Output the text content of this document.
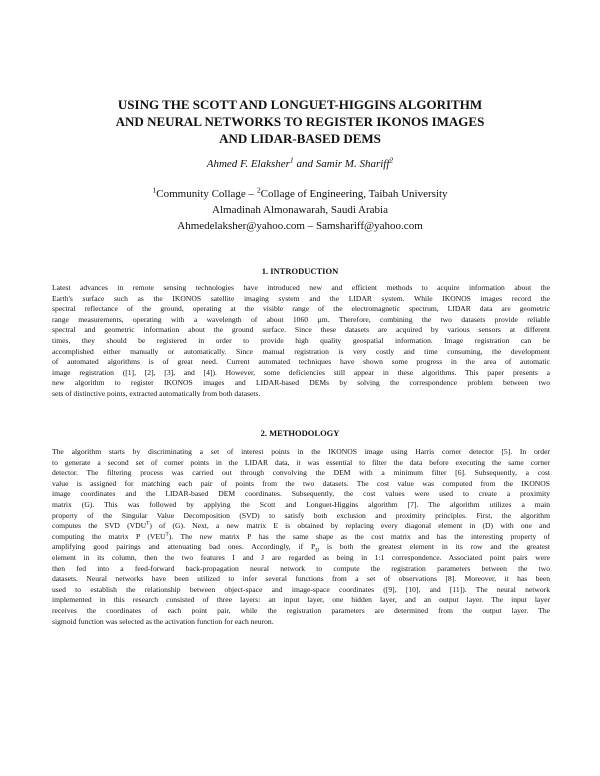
USING THE SCOTT AND LONGUET-HIGGINS ALGORITHM
AND NEURAL NETWORKS TO REGISTER IKONOS IMAGES
AND LIDAR-BASED DEMS
Ahmed F. Elaksher$^1$ and Samir M. Shariff$^2$
$^1$Community Collage – $^2$Collage of Engineering, Taibah University
Almadinah Almonawarah, Saudi Arabia
Ahmedelaksher@yahoo.com – Samshariff@yahoo.com
1. INTRODUCTION
Latest advances in remote sensing technologies have introduced new and efficient methods to acquire information about the
Earth's surface such as the IKONOS satellite imaging system and the LIDAR system. While IKONOS images record the
spectral reflectance of the ground, operating at the visible range of the electromagnetic spectrum, LIDAR data are geometric
range measurements, operating with a wavelength of about 1060 µm. Therefore, combining the two datasets provide reliable
spectral and geometric information about the ground surface. Since these datasets are acquired by various sensors at different
times, they should be registered in order to provide high quality geospatial information. Image registration can be
accomplished either manually or automatically. Since manual registration is very costly and time consuming, the development
of automated algorithms is of great need. Current automated techniques have shown some progress in the area of automatic
image registration ([1], [2], [3], and [4]). However, some deficiencies still appear in these algorithms. This paper presents a
new algorithm to register IKONOS images and LIDAR-based DEMs by solving the correspondence problem between two
sets of distinctive points, extracted automatically from both datasets.
2. METHODOLOGY
The algorithm starts by discriminating a set of interest points in the IKONOS image using Harris corner detector [5]. In order
to generate a second set of corner points in the LIDAR data, it was essential to filter the data before executing the same corner
detector. The filtering process was carried out through convolving the DEM with a minimum filter [6]. Subsequently, a cost
value is assigned for matching each pair of points from the two datasets. The cost value was computed from the IKONOS
image coordinates and the LIDAR-based DEM coordinates. Subsequently, the cost values were used to create a proximity
matrix (G). This was followed by applying the Scott and Longuet-Higgins algorithm [7]. The algorithm utilizes a main
property of the Singular Value Decomposition (SVD) to satisfy both exclusion and proximity principles. First, the algorithm
computes the SVD $(VDU^T)$ of (G). Next, a new matrix E is obtained by replacing every diagonal element in (D) with one and
computing the matrix P $(VEU^T)$. The new matrix P has the same shape as the cost matrix and has the interesting property of
amplifying good pairings and attenuating bad ones. Accordingly, if $P_{IJ}$ is both the greatest element in its row and the greatest
element in its column, then the two features I and J are regarded as being in 1:1 correspondence. Associated point pairs were
then fed into a feed-forward back-propagation neural network to compute the registration parameters between the two
datasets. Neural networks have been utilized to infer several functions from a set of observations [8]. Moreover, it has been
used to establish the relationship between object-space and image-space coordinates ([9], [10], and [11]). The neural network
implemented in this research consisted of three layers: an input layer, one hidden layer, and an output layer. The input layer
receives the coordinates of each point pair, while the registration parameters are determined from the output layer. The
sigmoid function was selected as the activation function for each neuron.
